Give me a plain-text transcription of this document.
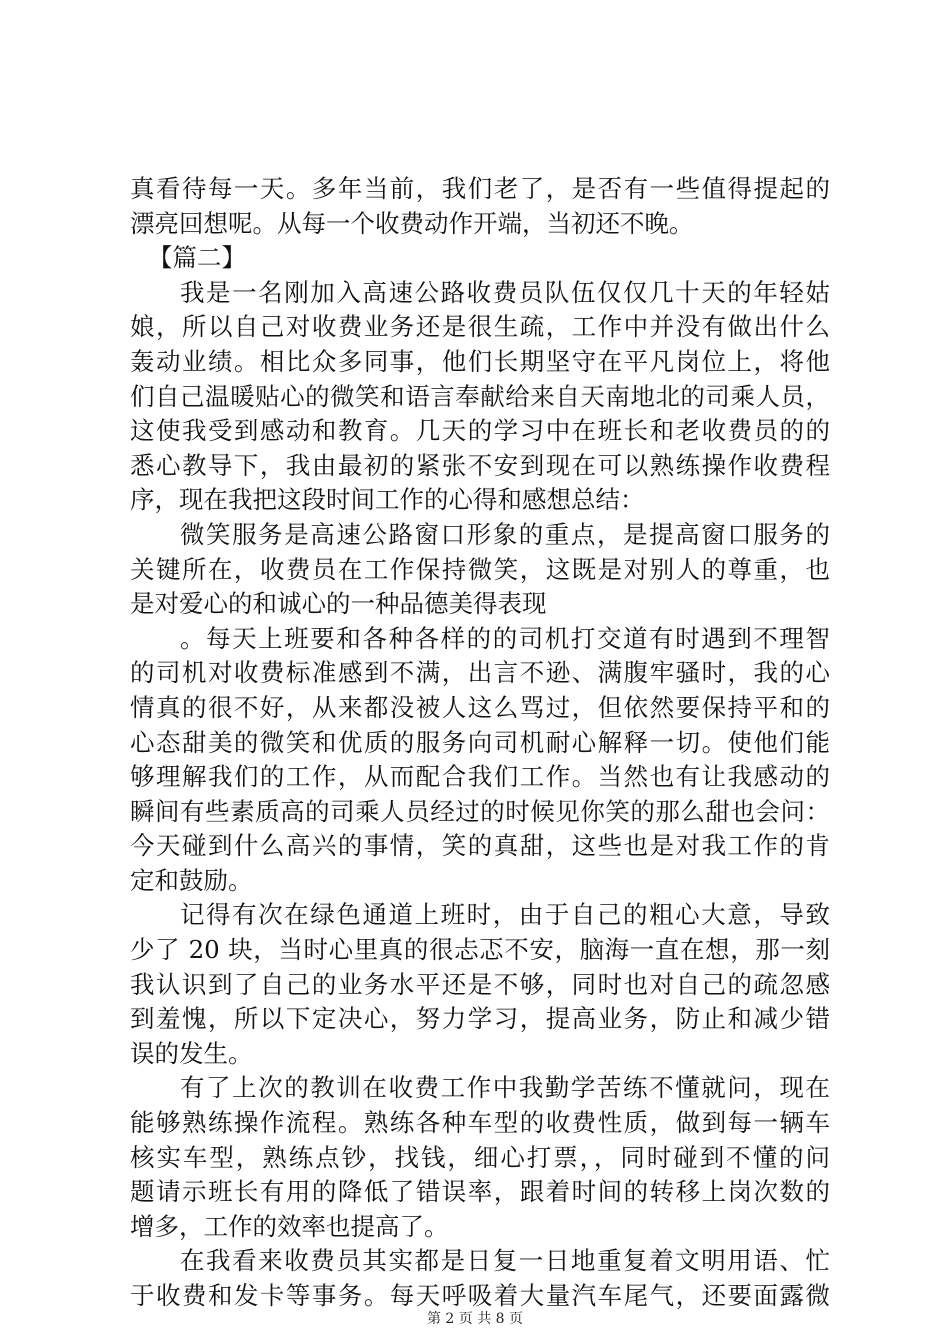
真看待每一天。多年当前，我们老了，是否有一些值得提起的
漂亮回想呢。从每一个收费动作开端，当初还不晚。
【篇二】
我是一名刚加入高速公路收费员队伍仅仅几十天的年轻姑
娘，所以自己对收费业务还是很生疏，工作中并没有做出什么
轰动业绩。相比众多同事，他们长期坚守在平凡岗位上，将他
们自己温暖贴心的微笑和语言奉献给来自天南地北的司乘人员，
这使我受到感动和教育。几天的学习中在班长和老收费员的的
悉心教导下，我由最初的紧张不安到现在可以熟练操作收费程
序，现在我把这段时间工作的心得和感想总结：
微笑服务是高速公路窗口形象的重点，是提高窗口服务的
关键所在，收费员在工作保持微笑，这既是对别人的尊重，也
是对爱心的和诚心的一种品德美得表现
。每天上班要和各种各样的的司机打交道有时遇到不理智
的司机对收费标准感到不满，出言不逊、满腹牢骚时，我的心
情真的很不好，从来都没被人这么骂过，但依然要保持平和的
心态甜美的微笑和优质的服务向司机耐心解释一切。使他们能
够理解我们的工作，从而配合我们工作。当然也有让我感动的
瞬间有些素质高的司乘人员经过的时候见你笑的那么甜也会问：
今天碰到什么高兴的事情，笑的真甜，这些也是对我工作的肯
定和鼓励。
记得有次在绿色通道上班时，由于自己的粗心大意，导致
少了 20 块，当时心里真的很忐忑不安，脑海一直在想，那一刻
我认识到了自己的业务水平还是不够，同时也对自己的疏忽感
到羞愧，所以下定决心，努力学习，提高业务，防止和减少错
误的发生。
有了上次的教训在收费工作中我勤学苦练不懂就问，现在
能够熟练操作流程。熟练各种车型的收费性质，做到每一辆车
核实车型，熟练点钞，找钱，细心打票，，同时碰到不懂的问
题请示班长有用的降低了错误率，跟着时间的转移上岗次数的
增多，工作的效率也提高了。
在我看来收费员其实都是日复一日地重复着文明用语、忙
于收费和发卡等事务。每天呼吸着大量汽车尾气，还要面露微
第 2 页 共 8 页
